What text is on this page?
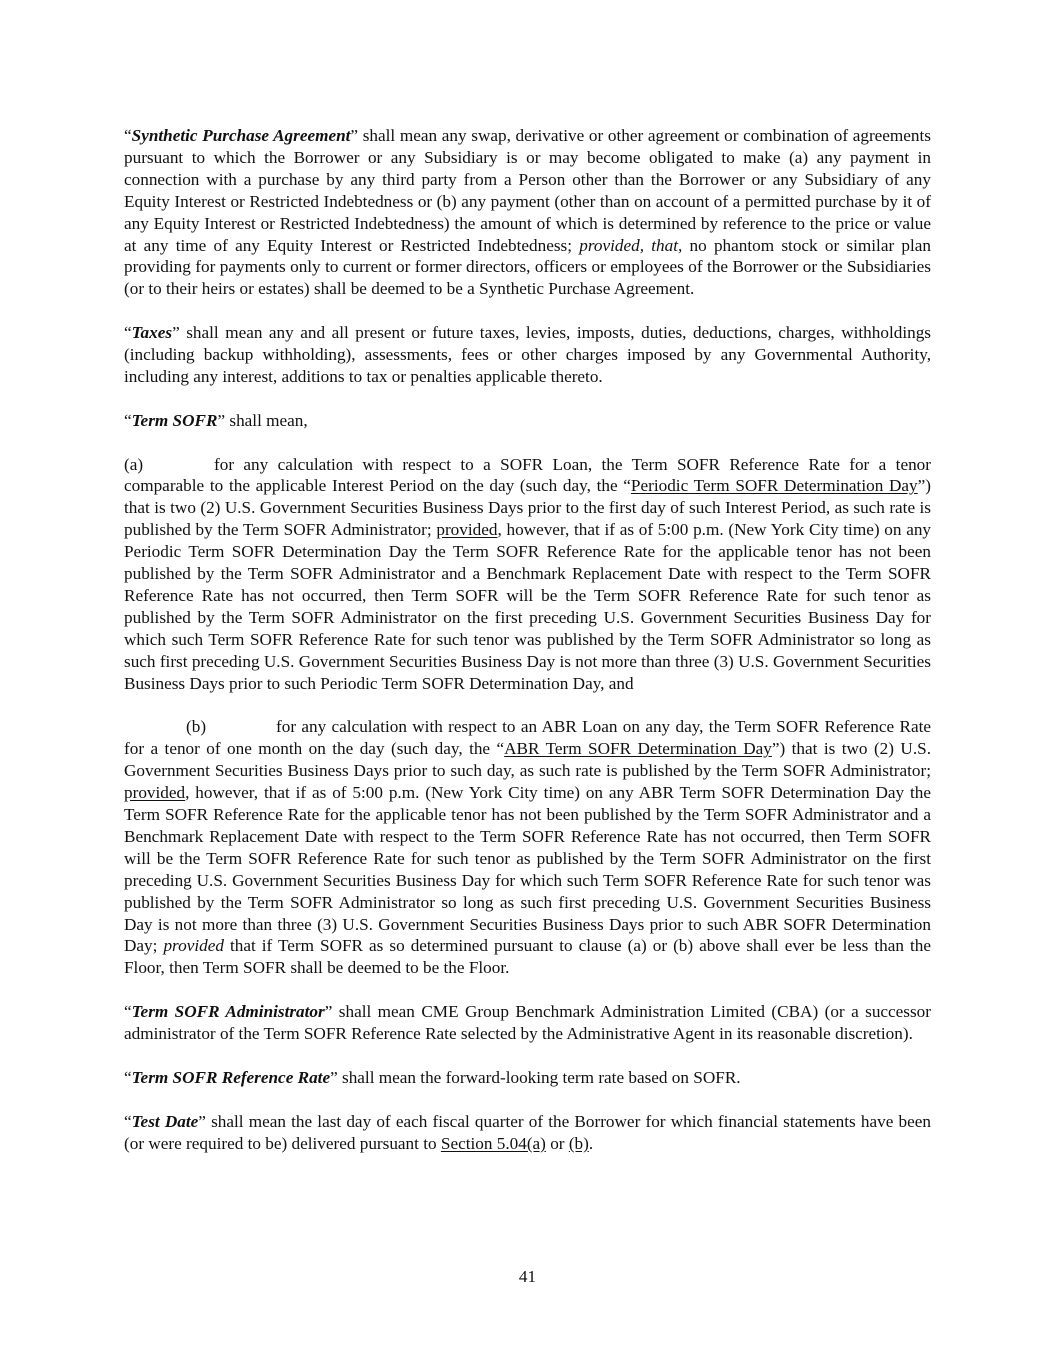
“Synthetic Purchase Agreement” shall mean any swap, derivative or other agreement or combination of agreements pursuant to which the Borrower or any Subsidiary is or may become obligated to make (a) any payment in connection with a purchase by any third party from a Person other than the Borrower or any Subsidiary of any Equity Interest or Restricted Indebtedness or (b) any payment (other than on account of a permitted purchase by it of any Equity Interest or Restricted Indebtedness) the amount of which is determined by reference to the price or value at any time of any Equity Interest or Restricted Indebtedness; provided, that, no phantom stock or similar plan providing for payments only to current or former directors, officers or employees of the Borrower or the Subsidiaries (or to their heirs or estates) shall be deemed to be a Synthetic Purchase Agreement.

“Taxes” shall mean any and all present or future taxes, levies, imposts, duties, deductions, charges, withholdings (including backup withholding), assessments, fees or other charges imposed by any Governmental Authority, including any interest, additions to tax or penalties applicable thereto.

“Term SOFR” shall mean,

(a)	for any calculation with respect to a SOFR Loan, the Term SOFR Reference Rate for a tenor comparable to the applicable Interest Period on the day (such day, the “Periodic Term SOFR Determination Day”) that is two (2) U.S. Government Securities Business Days prior to the first day of such Interest Period, as such rate is published by the Term SOFR Administrator; provided, however, that if as of 5:00 p.m. (New York City time) on any Periodic Term SOFR Determination Day the Term SOFR Reference Rate for the applicable tenor has not been published by the Term SOFR Administrator and a Benchmark Replacement Date with respect to the Term SOFR Reference Rate has not occurred, then Term SOFR will be the Term SOFR Reference Rate for such tenor as published by the Term SOFR Administrator on the first preceding U.S. Government Securities Business Day for which such Term SOFR Reference Rate for such tenor was published by the Term SOFR Administrator so long as such first preceding U.S. Government Securities Business Day is not more than three (3) U.S. Government Securities Business Days prior to such Periodic Term SOFR Determination Day, and

(b)	for any calculation with respect to an ABR Loan on any day, the Term SOFR Reference Rate for a tenor of one month on the day (such day, the “ABR Term SOFR Determination Day”) that is two (2) U.S. Government Securities Business Days prior to such day, as such rate is published by the Term SOFR Administrator; provided, however, that if as of 5:00 p.m. (New York City time) on any ABR Term SOFR Determination Day the Term SOFR Reference Rate for the applicable tenor has not been published by the Term SOFR Administrator and a Benchmark Replacement Date with respect to the Term SOFR Reference Rate has not occurred, then Term SOFR will be the Term SOFR Reference Rate for such tenor as published by the Term SOFR Administrator on the first preceding U.S. Government Securities Business Day for which such Term SOFR Reference Rate for such tenor was published by the Term SOFR Administrator so long as such first preceding U.S. Government Securities Business Day is not more than three (3) U.S. Government Securities Business Days prior to such ABR SOFR Determination Day; provided that if Term SOFR as so determined pursuant to clause (a) or (b) above shall ever be less than the Floor, then Term SOFR shall be deemed to be the Floor.

“Term SOFR Administrator” shall mean CME Group Benchmark Administration Limited (CBA) (or a successor administrator of the Term SOFR Reference Rate selected by the Administrative Agent in its reasonable discretion).

“Term SOFR Reference Rate” shall mean the forward-looking term rate based on SOFR.

“Test Date” shall mean the last day of each fiscal quarter of the Borrower for which financial statements have been (or were required to be) delivered pursuant to Section 5.04(a) or (b).

41
